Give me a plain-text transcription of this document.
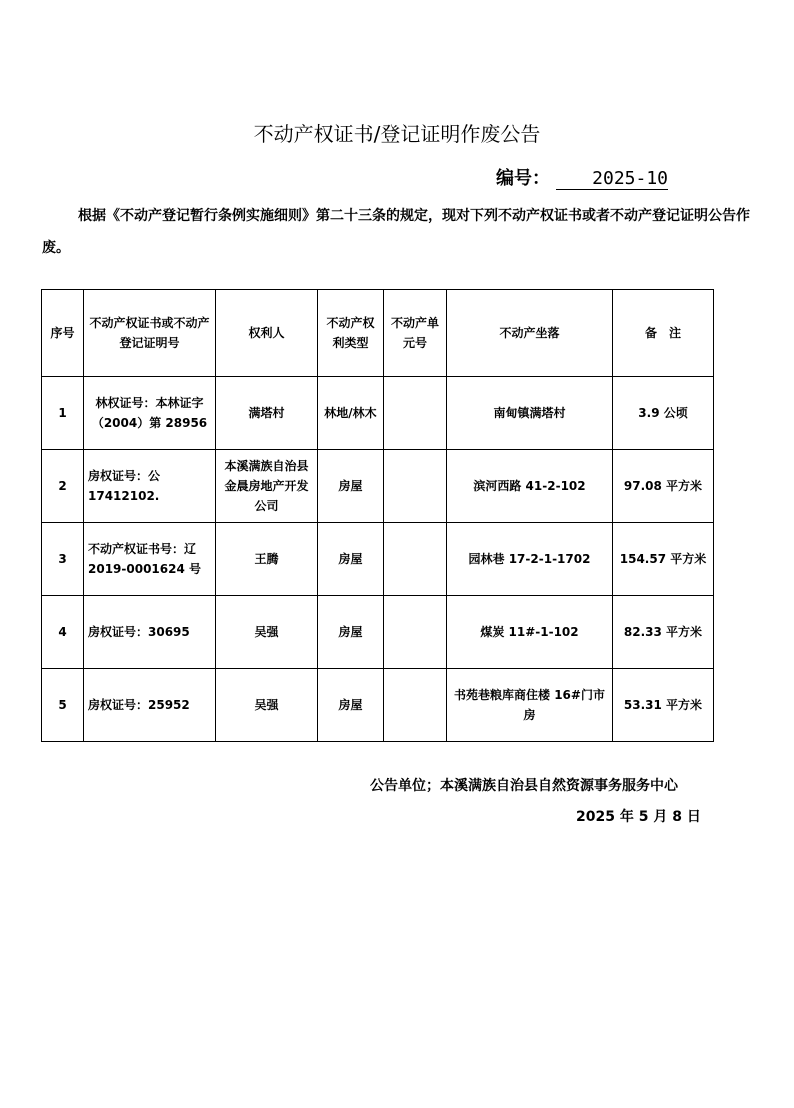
不动产权证书/登记证明作废公告
编号： 2025-10
根据《不动产登记暂行条例实施细则》第二十三条的规定，现对下列不动产权证书或者不动产登记证明公告作废。
序号	不动产权证书或不动产登记证明号	权利人	不动产权利类型	不动产单元号	不动产坐落	备　注
1	林权证号：本林证字（2004）第 28956	满塔村	林地/林木		南甸镇满塔村	3.9 公顷
2	房权证号：公 17412102.	本溪满族自治县金晨房地产开发公司	房屋		滨河西路 41-2-102	97.08 平方米
3	不动产权证书号：辽 2019-0001624 号	王腾	房屋		园林巷 17-2-1-1702	154.57 平方米
4	房权证号：30695	吴强	房屋		煤炭 11#-1-102	82.33 平方米
5	房权证号：25952	吴强	房屋		书苑巷粮库商住楼 16#门市房	53.31 平方米
公告单位；本溪满族自治县自然资源事务服务中心
2025 年 5 月 8 日
